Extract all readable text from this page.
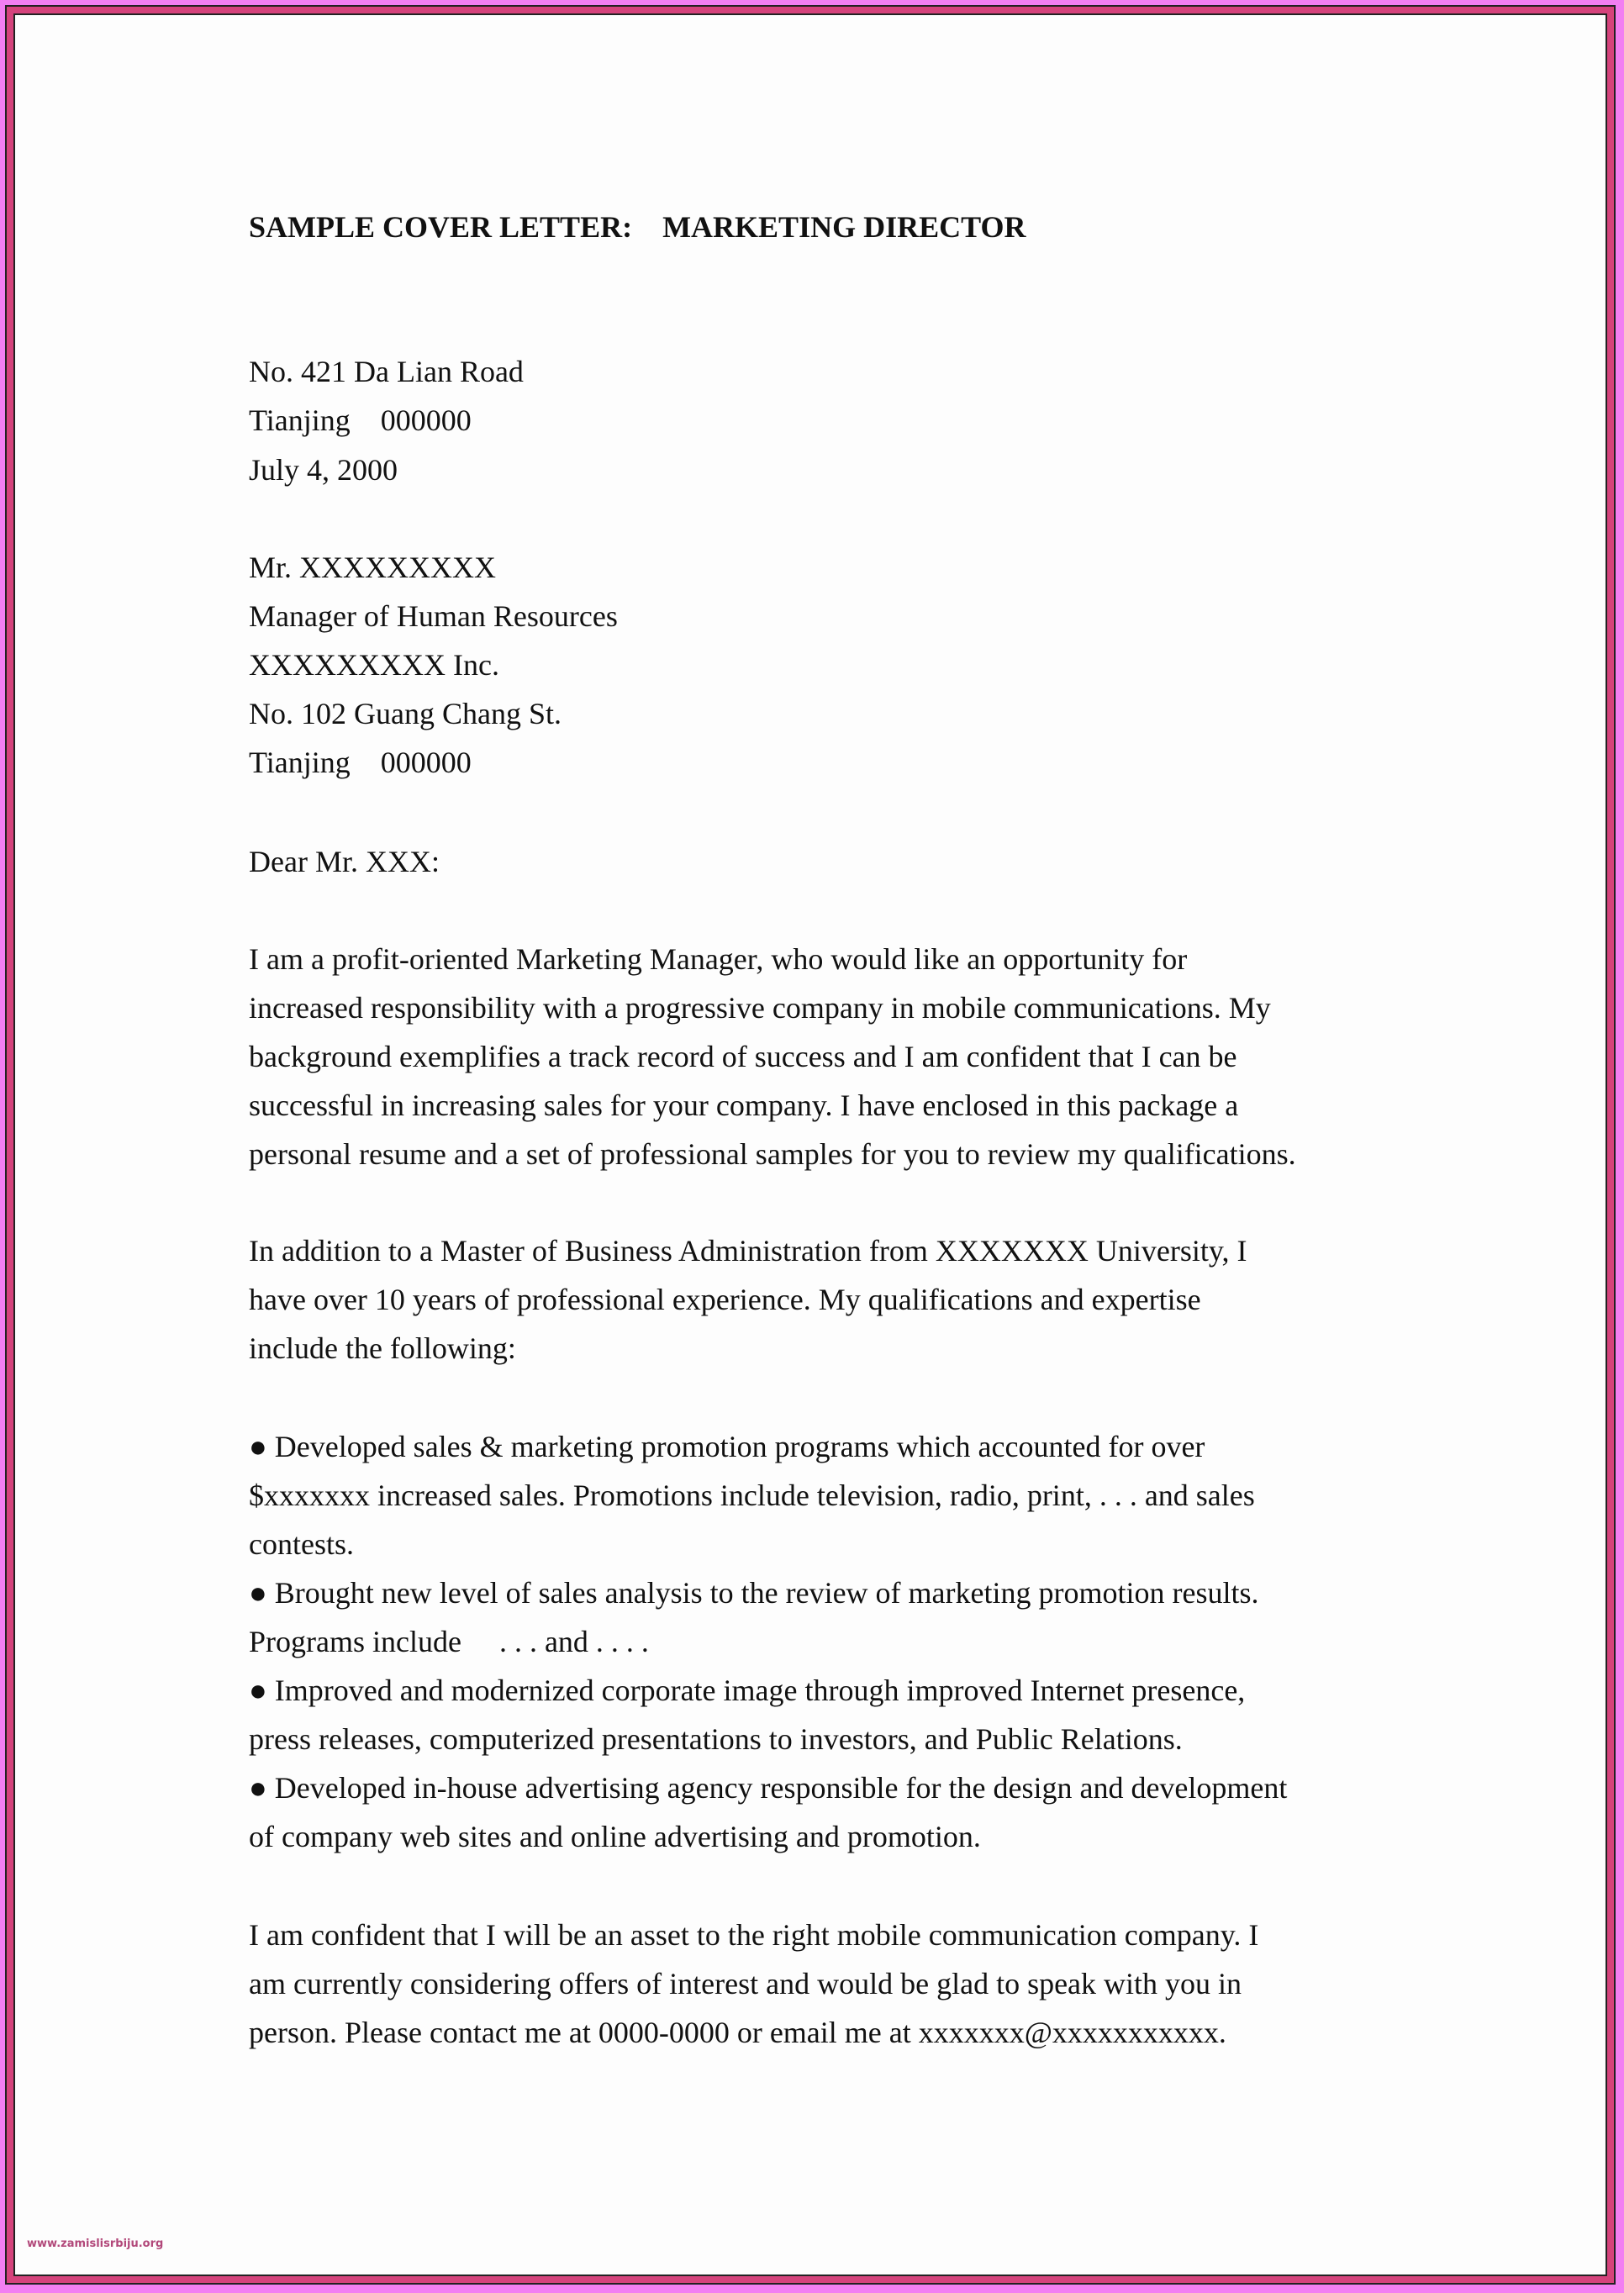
SAMPLE COVER LETTER:    MARKETING DIRECTOR
No. 421 Da Lian Road
Tianjing    000000
July 4, 2000
Mr. XXXXXXXXX
Manager of Human Resources
XXXXXXXXX Inc.
No. 102 Guang Chang St.
Tianjing    000000
Dear Mr. XXX:
I am a profit-oriented Marketing Manager, who would like an opportunity for
increased responsibility with a progressive company in mobile communications. My
background exemplifies a track record of success and I am confident that I can be
successful in increasing sales for your company. I have enclosed in this package a
personal resume and a set of professional samples for you to review my qualifications.
In addition to a Master of Business Administration from XXXXXXX University, I
have over 10 years of professional experience. My qualifications and expertise
include the following:
● Developed sales & marketing promotion programs which accounted for over
$xxxxxxx increased sales. Promotions include television, radio, print, . . . and sales
contests.
● Brought new level of sales analysis to the review of marketing promotion results.
Programs include     . . . and . . . .
● Improved and modernized corporate image through improved Internet presence,
press releases, computerized presentations to investors, and Public Relations.
● Developed in-house advertising agency responsible for the design and development
of company web sites and online advertising and promotion.
I am confident that I will be an asset to the right mobile communication company. I
am currently considering offers of interest and would be glad to speak with you in
person. Please contact me at 0000-0000 or email me at xxxxxxx@xxxxxxxxxxx.
www.zamislisrbiju.org
